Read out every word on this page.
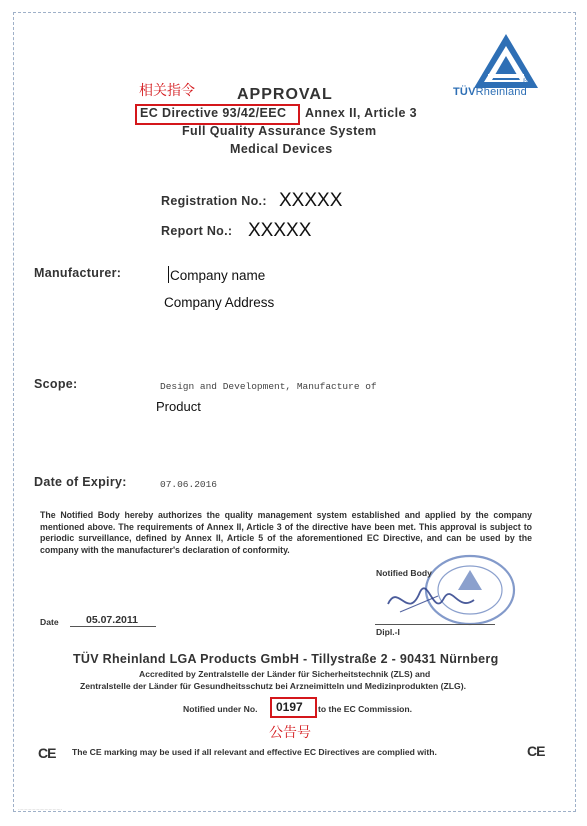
®
TÜVRheinland
相关指令	APPROVAL
EC Directive 93/42/EEC Annex II, Article 3
Full Quality Assurance System
Medical Devices
Registration No.: XXXXX
Report No.: XXXXX
Manufacturer:	Company name
Company Address
Scope:	Design and Development, Manufacture of
Product
Date of Expiry:	07.06.2016
The Notified Body hereby authorizes the quality management system established and applied by the company mentioned above. The requirements of Annex II, Article 3 of the directive have been met. This approval is subject to periodic surveillance, defined by Annex II, Article 5 of the aforementioned EC Directive, and can be used by the company with the manufacturer's declaration of conformity.
Notified Body
Dipl.-I
Date	05.07.2011
TÜV Rheinland LGA Products GmbH - Tillystraße 2 - 90431 Nürnberg
Accredited by Zentralstelle der Länder für Sicherheitstechnik (ZLS) and
Zentralstelle der Länder für Gesundheitsschutz bei Arzneimitteln und Medizinprodukten (ZLG).
Notified under No. 0197 to the EC Commission.
公告号
CE The CE marking may be used if all relevant and effective EC Directives are complied with.	CE
·································
